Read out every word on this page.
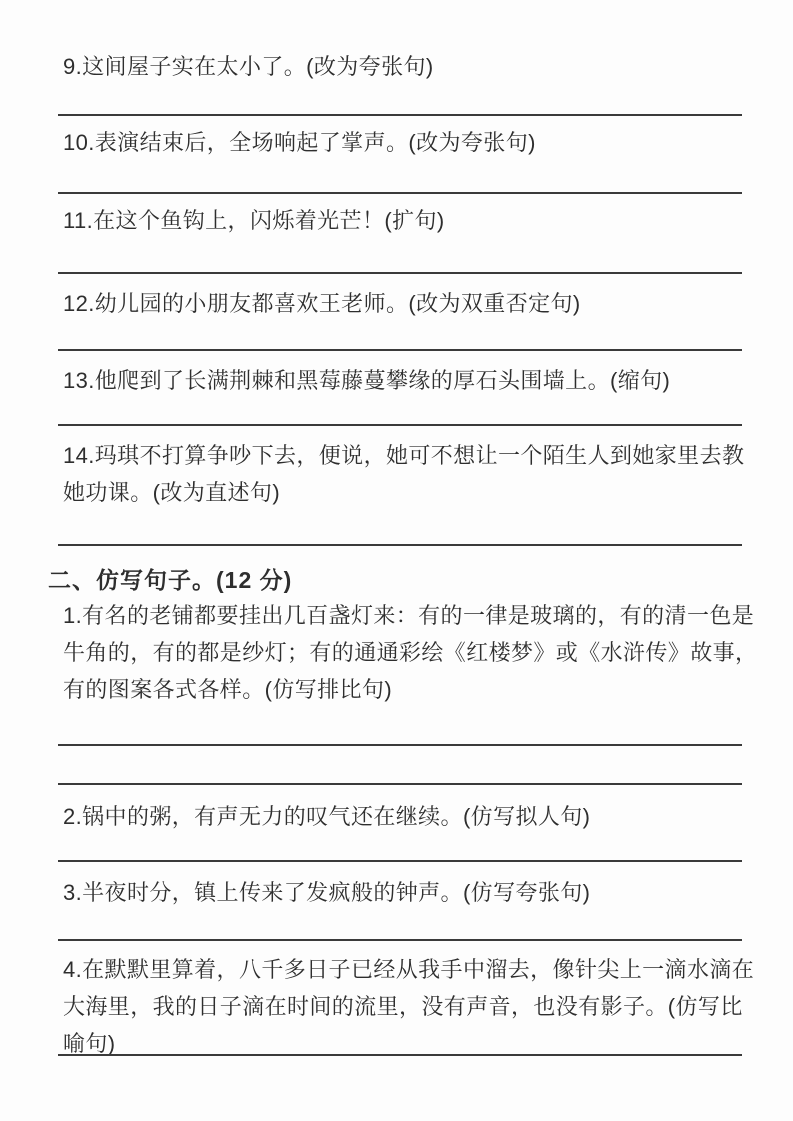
9.这间屋子实在太小了。(改为夸张句)
10.表演结束后，全场响起了掌声。(改为夸张句)
11.在这个鱼钩上，闪烁着光芒！(扩句)
12.幼儿园的小朋友都喜欢王老师。(改为双重否定句)
13.他爬到了长满荆棘和黑莓藤蔓攀缘的厚石头围墙上。(缩句)
14.玛琪不打算争吵下去，便说，她可不想让一个陌生人到她家里去教她功课。(改为直述句)
二、仿写句子。(12 分)
1.有名的老铺都要挂出几百盏灯来：有的一律是玻璃的，有的清一色是牛角的，有的都是纱灯；有的通通彩绘《红楼梦》或《水浒传》故事，有的图案各式各样。(仿写排比句)
2.锅中的粥，有声无力的叹气还在继续。(仿写拟人句)
3.半夜时分，镇上传来了发疯般的钟声。(仿写夸张句)
4.在默默里算着，八千多日子已经从我手中溜去，像针尖上一滴水滴在大海里，我的日子滴在时间的流里，没有声音，也没有影子。(仿写比喻句)
